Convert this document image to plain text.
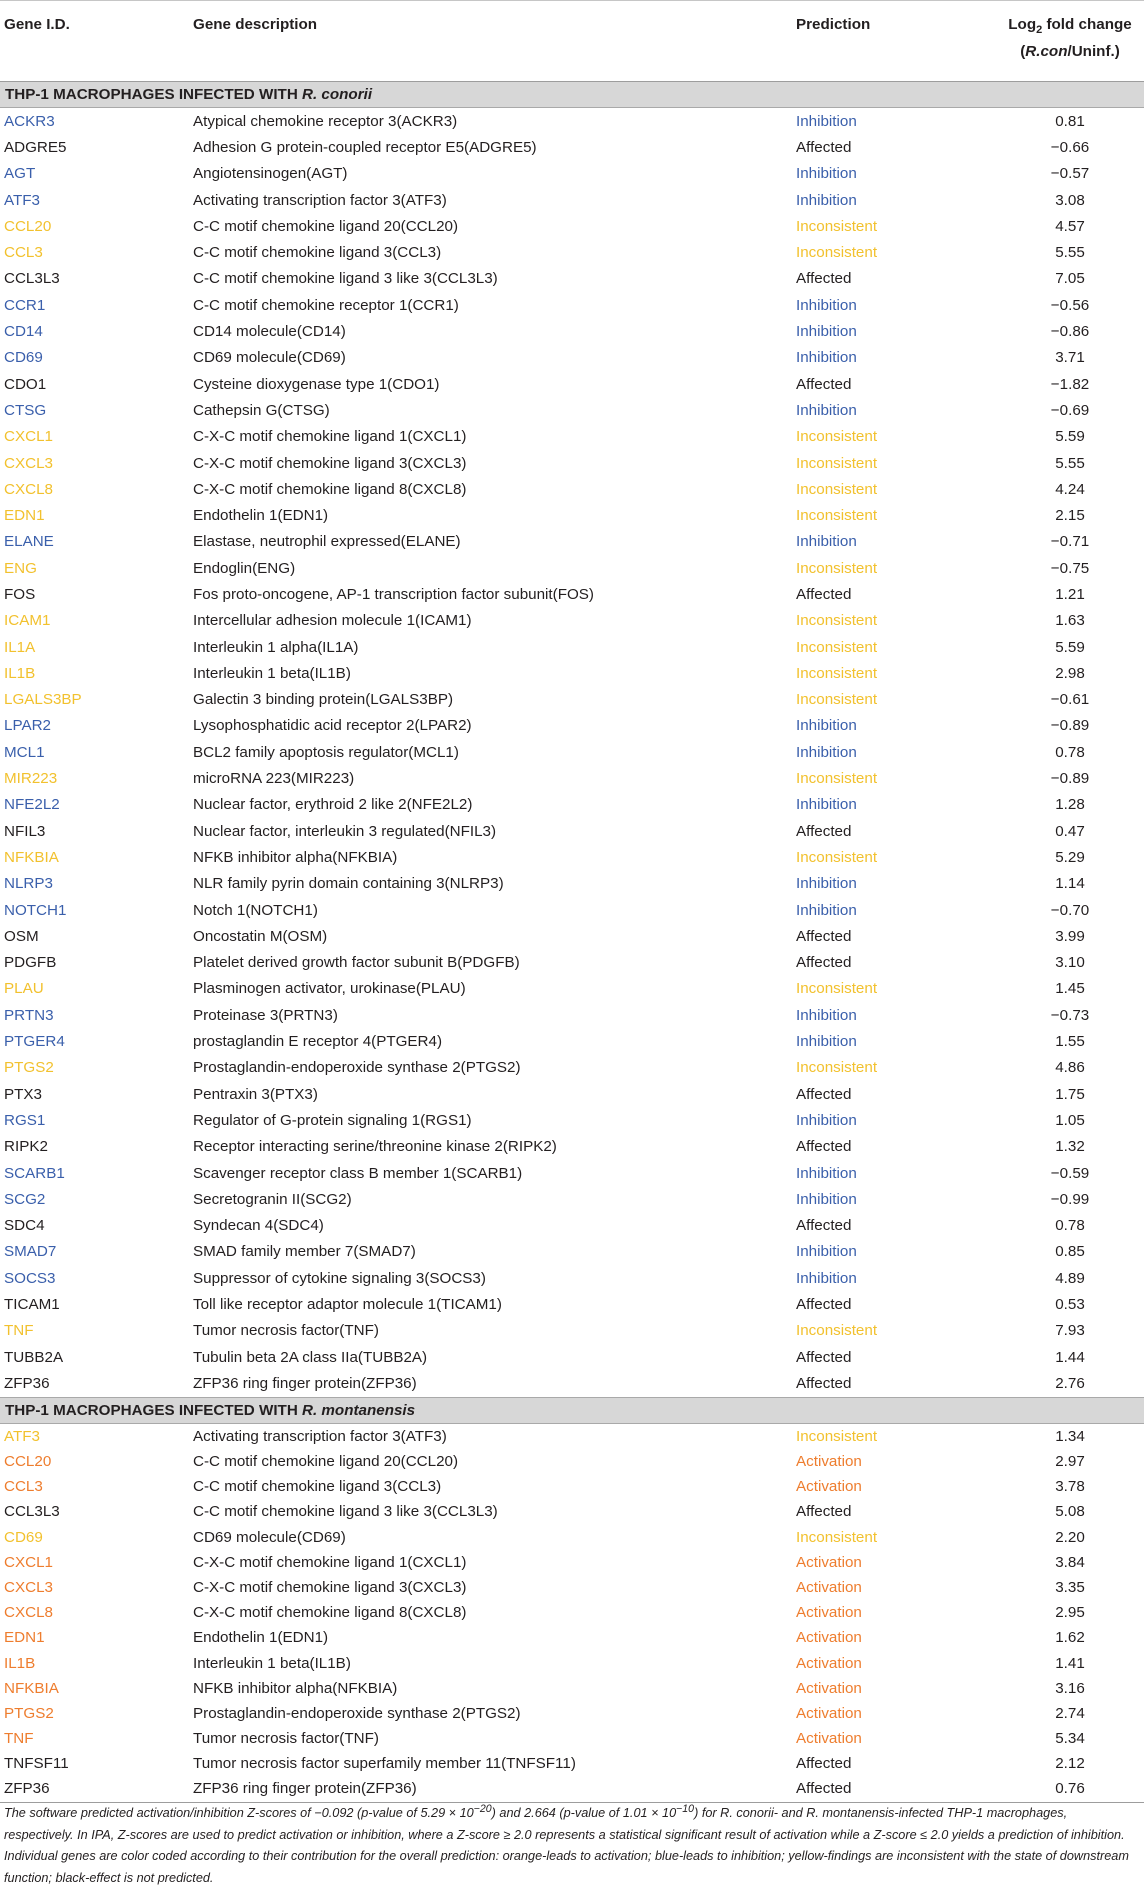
Gene I.D.	Gene description	Prediction	Log$_2$ fold change
(R.con/Uninf.)
THP-1 MACROPHAGES INFECTED WITH R. conorii			
ACKR3	Atypical chemokine receptor 3(ACKR3)	Inhibition	0.81
ADGRE5	Adhesion G protein-coupled receptor E5(ADGRE5)	Affected	−0.66
AGT	Angiotensinogen(AGT)	Inhibition	−0.57
ATF3	Activating transcription factor 3(ATF3)	Inhibition	3.08
CCL20	C-C motif chemokine ligand 20(CCL20)	Inconsistent	4.57
CCL3	C-C motif chemokine ligand 3(CCL3)	Inconsistent	5.55
CCL3L3	C-C motif chemokine ligand 3 like 3(CCL3L3)	Affected	7.05
CCR1	C-C motif chemokine receptor 1(CCR1)	Inhibition	−0.56
CD14	CD14 molecule(CD14)	Inhibition	−0.86
CD69	CD69 molecule(CD69)	Inhibition	3.71
CDO1	Cysteine dioxygenase type 1(CDO1)	Affected	−1.82
CTSG	Cathepsin G(CTSG)	Inhibition	−0.69
CXCL1	C-X-C motif chemokine ligand 1(CXCL1)	Inconsistent	5.59
CXCL3	C-X-C motif chemokine ligand 3(CXCL3)	Inconsistent	5.55
CXCL8	C-X-C motif chemokine ligand 8(CXCL8)	Inconsistent	4.24
EDN1	Endothelin 1(EDN1)	Inconsistent	2.15
ELANE	Elastase, neutrophil expressed(ELANE)	Inhibition	−0.71
ENG	Endoglin(ENG)	Inconsistent	−0.75
FOS	Fos proto-oncogene, AP-1 transcription factor subunit(FOS)	Affected	1.21
ICAM1	Intercellular adhesion molecule 1(ICAM1)	Inconsistent	1.63
IL1A	Interleukin 1 alpha(IL1A)	Inconsistent	5.59
IL1B	Interleukin 1 beta(IL1B)	Inconsistent	2.98
LGALS3BP	Galectin 3 binding protein(LGALS3BP)	Inconsistent	−0.61
LPAR2	Lysophosphatidic acid receptor 2(LPAR2)	Inhibition	−0.89
MCL1	BCL2 family apoptosis regulator(MCL1)	Inhibition	0.78
MIR223	microRNA 223(MIR223)	Inconsistent	−0.89
NFE2L2	Nuclear factor, erythroid 2 like 2(NFE2L2)	Inhibition	1.28
NFIL3	Nuclear factor, interleukin 3 regulated(NFIL3)	Affected	0.47
NFKBIA	NFKB inhibitor alpha(NFKBIA)	Inconsistent	5.29
NLRP3	NLR family pyrin domain containing 3(NLRP3)	Inhibition	1.14
NOTCH1	Notch 1(NOTCH1)	Inhibition	−0.70
OSM	Oncostatin M(OSM)	Affected	3.99
PDGFB	Platelet derived growth factor subunit B(PDGFB)	Affected	3.10
PLAU	Plasminogen activator, urokinase(PLAU)	Inconsistent	1.45
PRTN3	Proteinase 3(PRTN3)	Inhibition	−0.73
PTGER4	prostaglandin E receptor 4(PTGER4)	Inhibition	1.55
PTGS2	Prostaglandin-endoperoxide synthase 2(PTGS2)	Inconsistent	4.86
PTX3	Pentraxin 3(PTX3)	Affected	1.75
RGS1	Regulator of G-protein signaling 1(RGS1)	Inhibition	1.05
RIPK2	Receptor interacting serine/threonine kinase 2(RIPK2)	Affected	1.32
SCARB1	Scavenger receptor class B member 1(SCARB1)	Inhibition	−0.59
SCG2	Secretogranin II(SCG2)	Inhibition	−0.99
SDC4	Syndecan 4(SDC4)	Affected	0.78
SMAD7	SMAD family member 7(SMAD7)	Inhibition	0.85
SOCS3	Suppressor of cytokine signaling 3(SOCS3)	Inhibition	4.89
TICAM1	Toll like receptor adaptor molecule 1(TICAM1)	Affected	0.53
TNF	Tumor necrosis factor(TNF)	Inconsistent	7.93
TUBB2A	Tubulin beta 2A class IIa(TUBB2A)	Affected	1.44
ZFP36	ZFP36 ring finger protein(ZFP36)	Affected	2.76
THP-1 MACROPHAGES INFECTED WITH R. montanensis			
ATF3	Activating transcription factor 3(ATF3)	Inconsistent	1.34
CCL20	C-C motif chemokine ligand 20(CCL20)	Activation	2.97
CCL3	C-C motif chemokine ligand 3(CCL3)	Activation	3.78
CCL3L3	C-C motif chemokine ligand 3 like 3(CCL3L3)	Affected	5.08
CD69	CD69 molecule(CD69)	Inconsistent	2.20
CXCL1	C-X-C motif chemokine ligand 1(CXCL1)	Activation	3.84
CXCL3	C-X-C motif chemokine ligand 3(CXCL3)	Activation	3.35
CXCL8	C-X-C motif chemokine ligand 8(CXCL8)	Activation	2.95
EDN1	Endothelin 1(EDN1)	Activation	1.62
IL1B	Interleukin 1 beta(IL1B)	Activation	1.41
NFKBIA	NFKB inhibitor alpha(NFKBIA)	Activation	3.16
PTGS2	Prostaglandin-endoperoxide synthase 2(PTGS2)	Activation	2.74
TNF	Tumor necrosis factor(TNF)	Activation	5.34
TNFSF11	Tumor necrosis factor superfamily member 11(TNFSF11)	Affected	2.12
ZFP36	ZFP36 ring finger protein(ZFP36)	Affected	0.76

The software predicted activation/inhibition Z-scores of −0.092 (p-value of $5.29 \times 10^{-20}$) and 2.664 (p-value of $1.01 \times 10^{-10}$) for R. conorii- and R. montanensis-infected THP-1 macrophages, respectively. In IPA, Z-scores are used to predict activation or inhibition, where a Z-score ≥ 2.0 represents a statistical significant result of activation while a Z-score ≤ 2.0 yields a prediction of inhibition. Individual genes are color coded according to their contribution for the overall prediction: orange-leads to activation; blue-leads to inhibition; yellow-findings are inconsistent with the state of downstream function; black-effect is not predicted.
